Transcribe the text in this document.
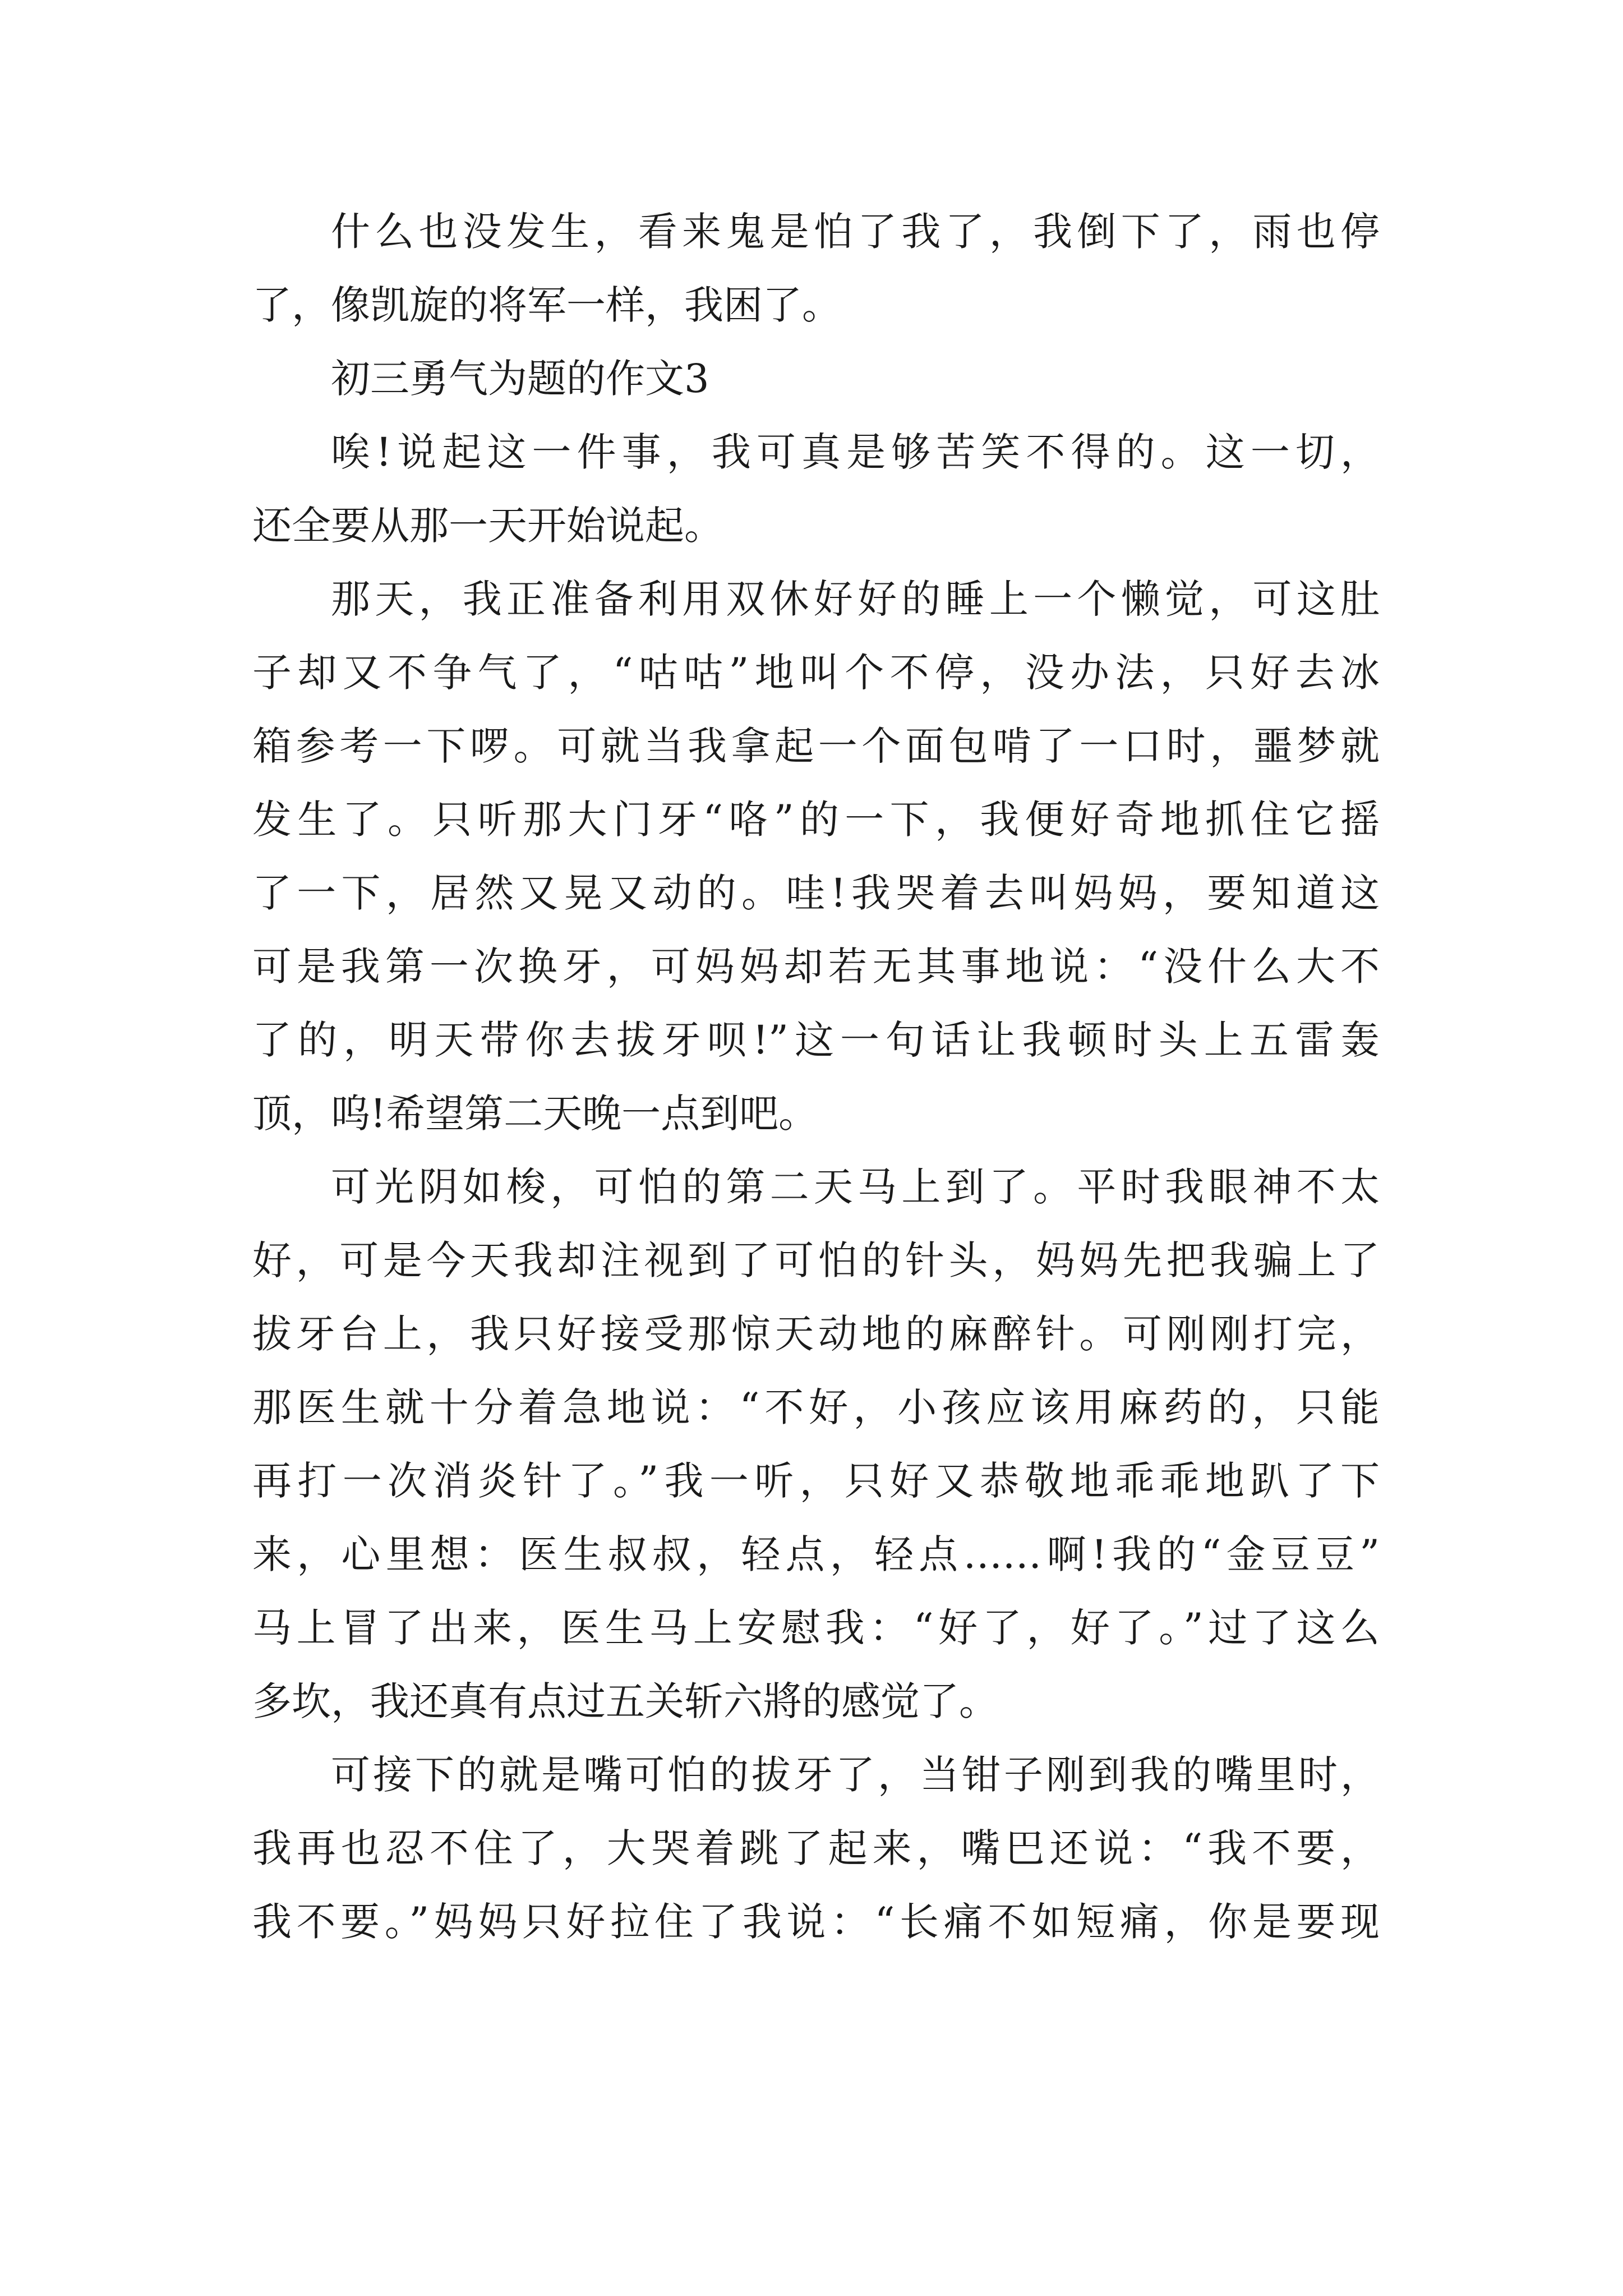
什么也没发生，看来鬼是怕了我了，我倒下了，雨也停
了，像凯旋的将军一样，我困了。
初三勇气为题的作文3
唉!说起这一件事，我可真是够苦笑不得的。这一切，
还全要从那一天开始说起。
那天，我正准备利用双休好好的睡上一个懒觉，可这肚
子却又不争气了，“咕咕”地叫个不停，没办法，只好去冰
箱参考一下啰。可就当我拿起一个面包啃了一口时，噩梦就
发生了。只听那大门牙“咯”的一下，我便好奇地抓住它摇
了一下，居然又晃又动的。哇!我哭着去叫妈妈，要知道这
可是我第一次换牙，可妈妈却若无其事地说：“没什么大不
了的，明天带你去拔牙呗!”这一句话让我顿时头上五雷轰
顶，呜!希望第二天晚一点到吧。
可光阴如梭，可怕的第二天马上到了。平时我眼神不太
好，可是今天我却注视到了可怕的针头，妈妈先把我骗上了
拔牙台上，我只好接受那惊天动地的麻醉针。可刚刚打完，
那医生就十分着急地说：“不好，小孩应该用麻药的，只能
再打一次消炎针了。”我一听，只好又恭敬地乖乖地趴了下
来，心里想：医生叔叔，轻点，轻点……啊!我的“金豆豆”
马上冒了出来，医生马上安慰我：“好了，好了。”过了这么
多坎，我还真有点过五关斩六將的感觉了。
可接下的就是嘴可怕的拔牙了，当钳子刚到我的嘴里时，
我再也忍不住了，大哭着跳了起来，嘴巴还说：“我不要，
我不要。”妈妈只好拉住了我说：“长痛不如短痛，你是要现
